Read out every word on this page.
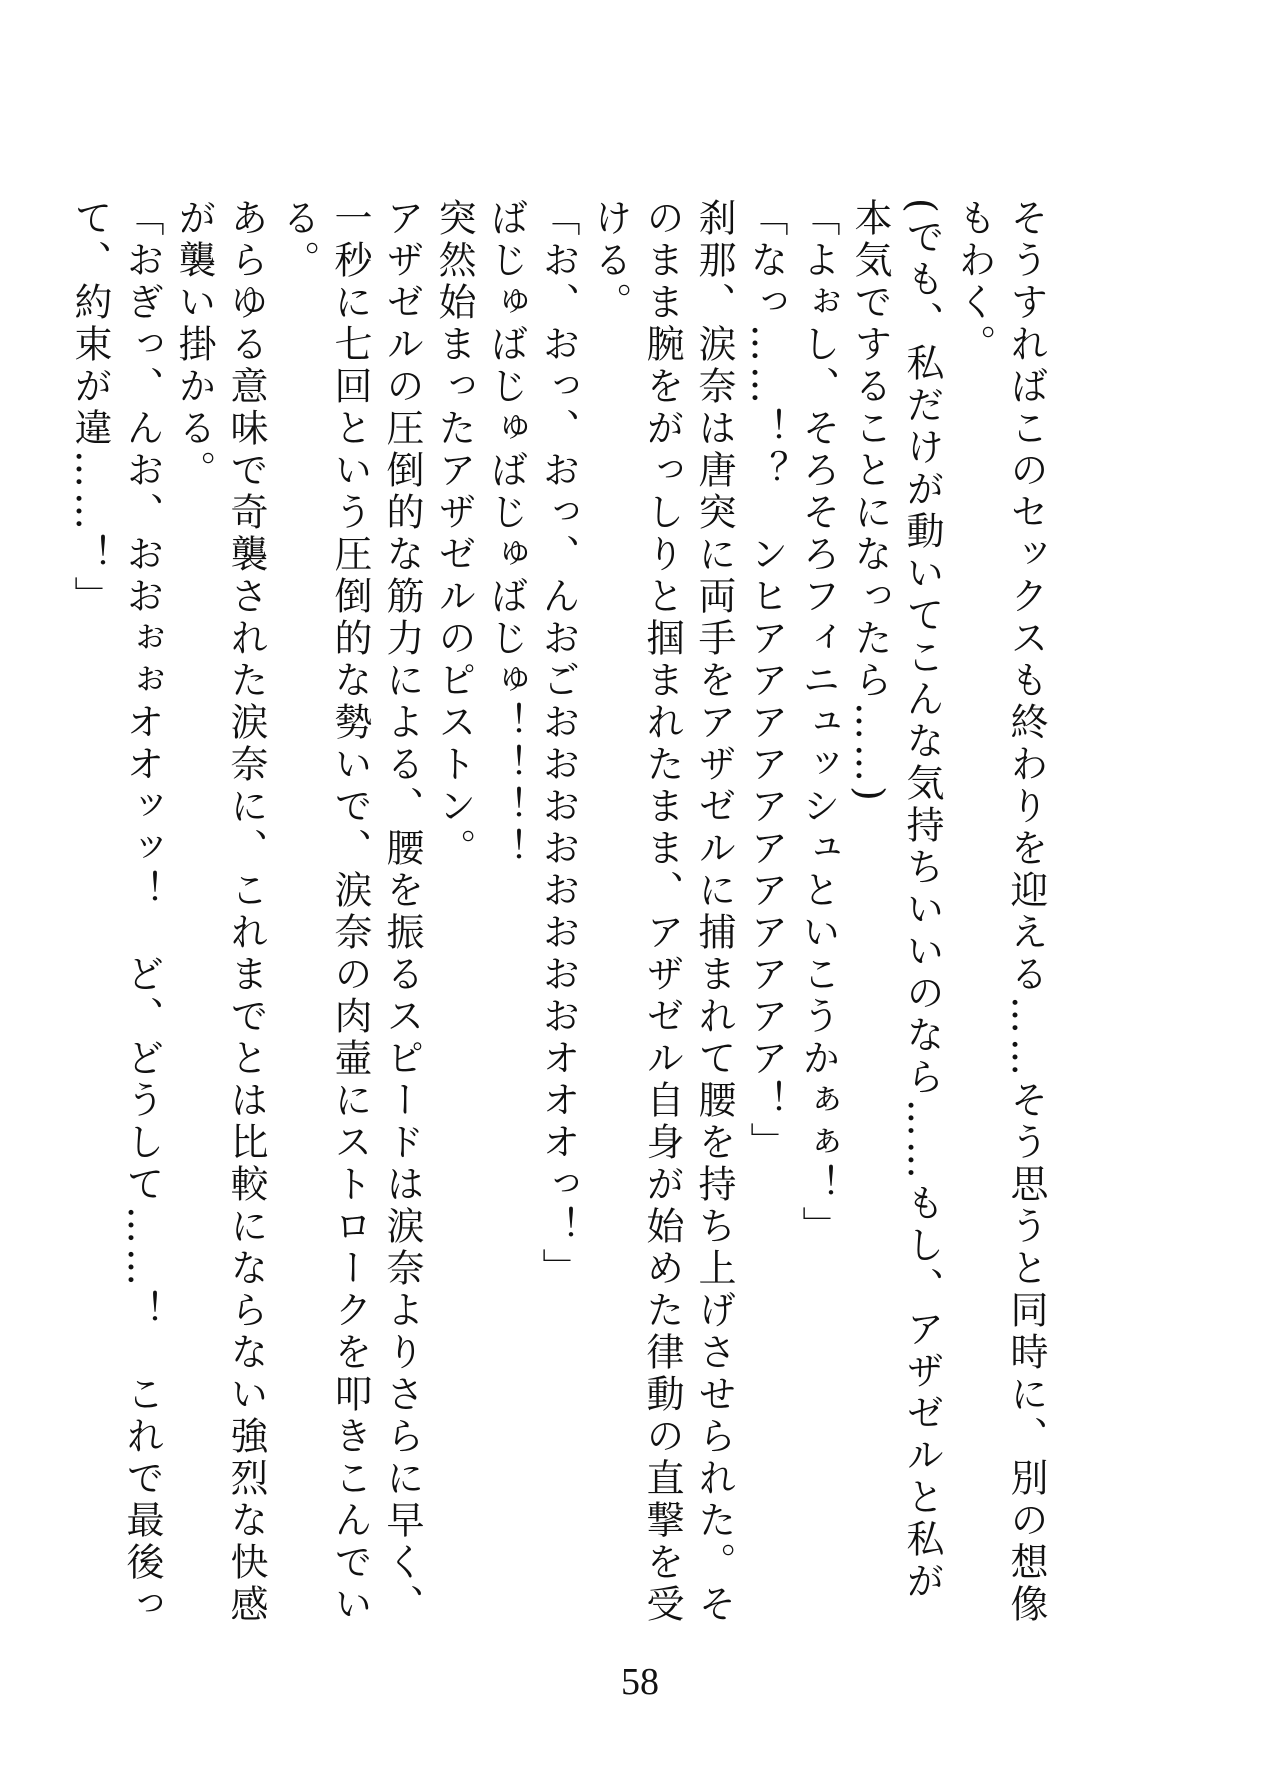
そうすればこのセックスも終わりを迎える……そう思うと同時に、別の想像もわく。

(でも、私だけが動いてこんな気持ちいいのなら……もし、アザゼルと私が本気ですることになったら……)

「よぉし、そろそろフィニュッシュといこうかぁぁ！」

「なっ……！？　ンヒアアアアアアアアアアア！」

刹那、涙奈は唐突に両手をアザゼルに捕まれて腰を持ち上げさせられた。そのまま腕をがっしりと掴まれたまま、アザゼル自身が始めた律動の直撃を受ける。

「お、おっ、おっ、んおごおおおおおおおおオオオっ！」

ばじゅばじゅばじゅばじゅ！！！！

突然始まったアザゼルのピストン。

アザゼルの圧倒的な筋力による、腰を振るスピードは涙奈よりさらに早く、一秒に七回という圧倒的な勢いで、涙奈の肉壷にストロークを叩きこんでいる。

あらゆる意味で奇襲された涙奈に、これまでとは比較にならない強烈な快感が襲い掛かる。

「おぎっ、んお、おおぉぉオオッッ！　ど、どうして……！　これで最後って、約束が違……！」

58
